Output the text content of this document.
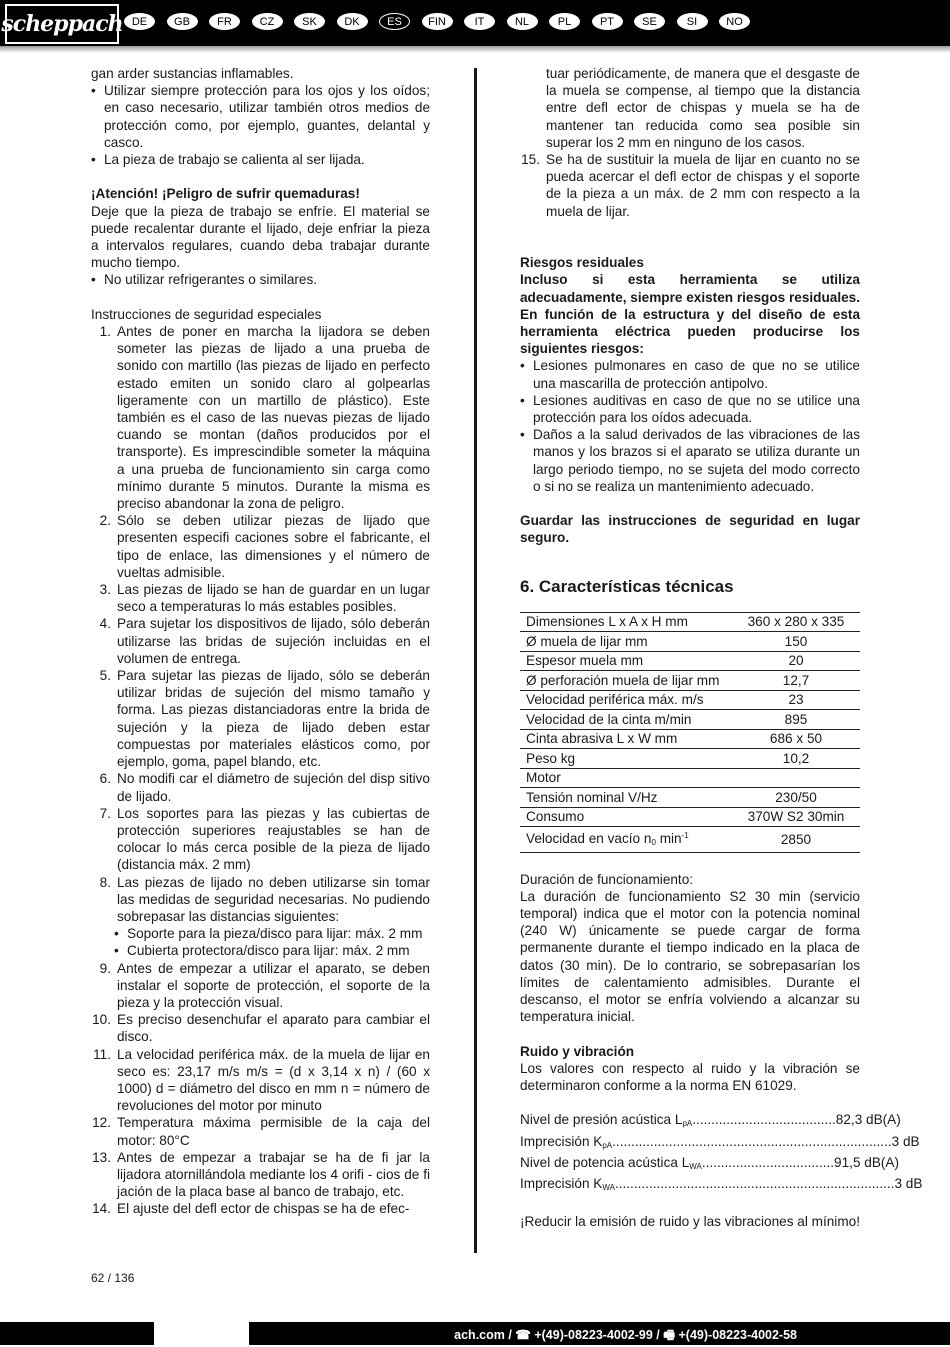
scheppach DE	GB	FR	CZ	SK	DK	ES	FIN	IT	NL	PL	PT	SE	SI	NO

gan arder sustancias inflamables.

• Utilizar siempre protección para los ojos y los oídos; en caso necesario, utilizar también otros medios de protección como, por ejemplo, guantes, delantal y casco.
• La pieza de trabajo se calienta al ser lijada.

¡Atención! ¡Peligro de sufrir quemaduras!

Deje que la pieza de trabajo se enfríe. El material se puede recalentar durante el lijado, deje enfriar la pieza a intervalos regulares, cuando deba trabajar durante mucho tiempo.

• No utilizar refrigerantes o similares.

Instrucciones de seguridad especiales

1. Antes de poner en marcha la lijadora se deben someter las piezas de lijado a una prueba de sonido con martillo (las piezas de lijado en perfecto estado emiten un sonido claro al golpearlas ligeramente con un martillo de plástico). Este también es el caso de las nuevas piezas de lijado cuando se montan (daños producidos por el transporte). Es imprescindible someter la máquina a una prueba de funcionamiento sin carga como mínimo durante 5 minutos. Durante la misma es preciso abandonar la zona de peligro.
2. Sólo se deben utilizar piezas de lijado que presenten especifi caciones sobre el fabricante, el tipo de enlace, las dimensiones y el número de vueltas admisible.
3. Las piezas de lijado se han de guardar en un lugar seco a temperaturas lo más estables posibles.
4. Para sujetar los dispositivos de lijado, sólo deberán utilizarse las bridas de sujeción incluidas en el volumen de entrega.
5. Para sujetar las piezas de lijado, sólo se deberán utilizar bridas de sujeción del mismo tamaño y forma. Las piezas distanciadoras entre la brida de sujeción y la pieza de lijado deben estar compuestas por materiales elásticos como, por ejemplo, goma, papel blando, etc.
6. No modifi car el diámetro de sujeción del disp sitivo de lijado.
7. Los soportes para las piezas y las cubiertas de protección superiores reajustables se han de colocar lo más cerca posible de la pieza de lijado (distancia máx. 2 mm)
8. Las piezas de lijado no deben utilizarse sin tomar las medidas de seguridad necesarias. No pudiendo sobrepasar las distancias siguientes:
• Soporte para la pieza/disco para lijar: máx. 2 mm
• Cubierta protectora/disco para lijar: máx. 2 mm
9. Antes de empezar a utilizar el aparato, se deben instalar el soporte de protección, el soporte de la pieza y la protección visual.
10. Es preciso desenchufar el aparato para cambiar el disco.
11. La velocidad periférica máx. de la muela de lijar en seco es: 23,17 m/s m/s = (d x 3,14 x n) / (60 x 1000) d = diámetro del disco en mm n = número de revoluciones del motor por minuto
12. Temperatura máxima permisible de la caja del motor: 80°C
13. Antes de empezar a trabajar se ha de fi jar la lijadora atornillándola mediante los 4 orifi - cios de fi jación de la placa base al banco de trabajo, etc.
14. El ajuste del defl ector de chispas se ha de efec-

tuar periódicamente, de manera que el desgaste de la muela se compense, al tiempo que la distancia entre defl ector de chispas y muela se ha de mantener tan reducida como sea posible sin superar los 2 mm en ninguno de los casos.

15. Se ha de sustituir la muela de lijar en cuanto no se pueda acercar el defl ector de chispas y el soporte de la pieza a un máx. de 2 mm con respecto a la muela de lijar.

Riesgos residuales

Incluso si esta herramienta se utiliza adecuadamente, siempre existen riesgos residuales. En función de la estructura y del diseño de esta herramienta eléctrica pueden producirse los siguientes riesgos:

• Lesiones pulmonares en caso de que no se utilice una mascarilla de protección antipolvo.
• Lesiones auditivas en caso de que no se utilice una protección para los oídos adecuada.
• Daños a la salud derivados de las vibraciones de las manos y los brazos si el aparato se utiliza durante un largo periodo tiempo, no se sujeta del modo correcto o si no se realiza un mantenimiento adecuado.

Guardar las instrucciones de seguridad en lugar seguro.

6. Características técnicas
Dimensiones L x A x H mm	360 x 280 x 335
Ø muela de lijar mm	150
Espesor muela mm	20
Ø perforación muela de lijar mm	12,7
Velocidad periférica máx. m/s	23
Velocidad de la cinta m/min	895
Cinta abrasiva L x W mm	686 x 50
Peso kg	10,2
Motor	
Tensión nominal V/Hz	230/50
Consumo	370W S2 30min
Velocidad en vacío $n_0$ $\min^{-1}$	2850

Duración de funcionamiento:

La duración de funcionamiento S2 30 min (servicio temporal) indica que el motor con la potencia nominal (240 W) únicamente se puede cargar de forma permanente durante el tiempo indicado en la placa de datos (30 min). De lo contrario, se sobrepasarían los límites de calentamiento admisibles. Durante el descanso, el motor se enfría volviendo a alcanzar su temperatura inicial.

Ruido y vibración

Los valores con respecto al ruido y la vibración se determinaron conforme a la norma EN 61029.

Nivel de presión acústica $L_{pA}$ ...................................... 82,3 dB(A)
Imprecisión $K_{pA}$ .......................................................................... 3 dB
Nivel de potencia acústica $L_{WA}$ ................................... 91,5 dB(A)
Imprecisión $K_{WA}$ .......................................................................... 3 dB

¡Reducir la emisión de ruido y las vibraciones al mínimo!

62 / 136
ach.com / ☎ +(49)-08223-4002-99 / 🖷 +(49)-08223-4002-58
